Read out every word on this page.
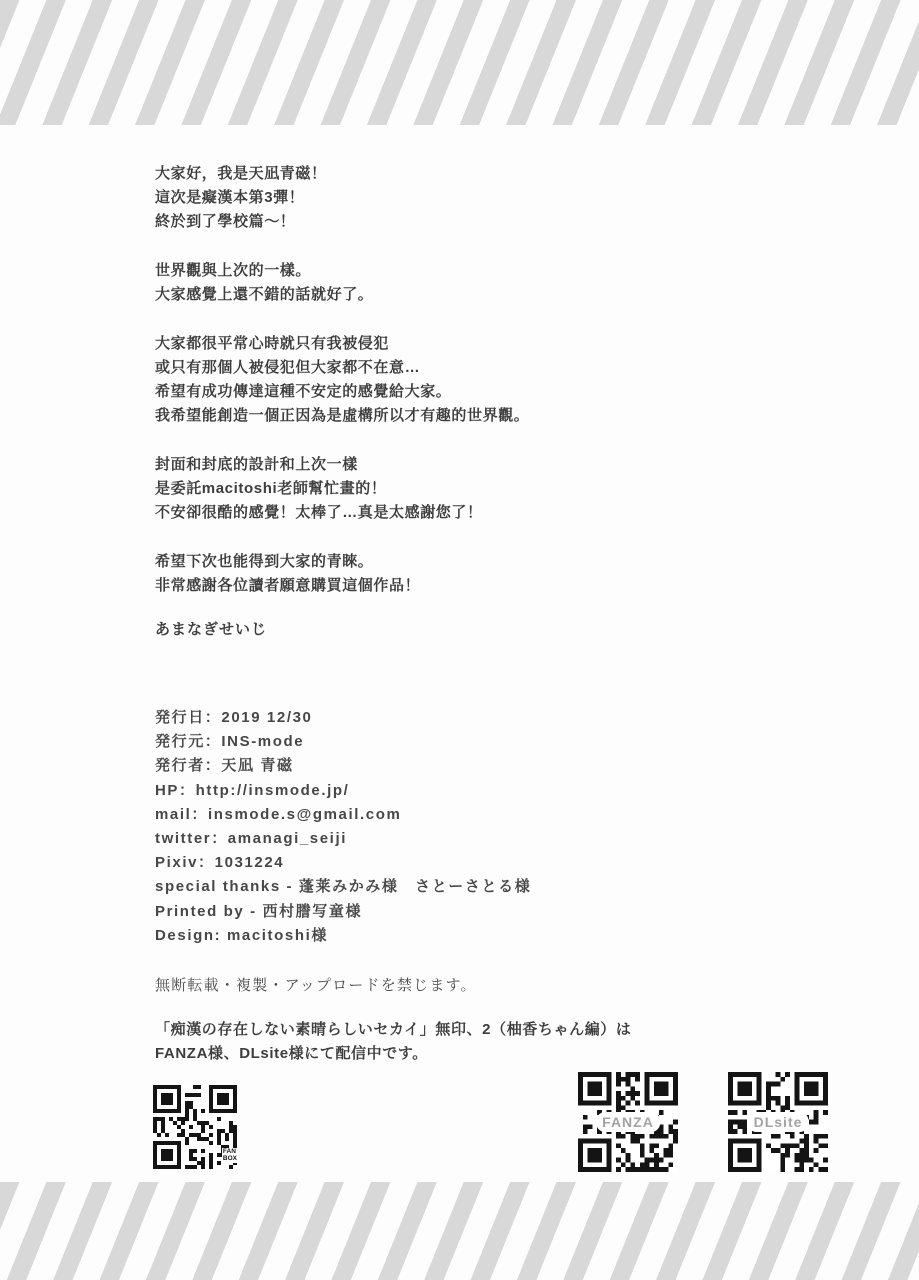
大家好，我是天凪青磁！
這次是癡漢本第3彈！
終於到了學校篇～！
世界觀與上次的一樣。
大家感覺上還不錯的話就好了。
大家都很平常心時就只有我被侵犯
或只有那個人被侵犯但大家都不在意…
希望有成功傳達這種不安定的感覺給大家。
我希望能創造一個正因為是虛構所以才有趣的世界觀。
封面和封底的設計和上次一樣
是委託macitoshi老師幫忙畫的！
不安卻很酷的感覺！太棒了…真是太感謝您了！
希望下次也能得到大家的青睞。
非常感謝各位讀者願意購買這個作品！
あまなぎせいじ
発行日：2019 12/30
発行元：INS-mode
発行者：天凪 青磁
HP：http://insmode.jp/
mail：insmode.s@gmail.com
twitter：amanagi_seiji
Pixiv：1031224
special thanks - 蓬莱みかみ様　さとーさとる様
Printed by - 西村謄写童様
Design: macitoshi様
無断転載・複製・アップロードを禁じます。
「痴漢の存在しない素晴らしいセカイ」無印、2（柚香ちゃん編）は
FANZA様、DLsite様にて配信中です。
FAN
BOX
FANZA	DLsite
